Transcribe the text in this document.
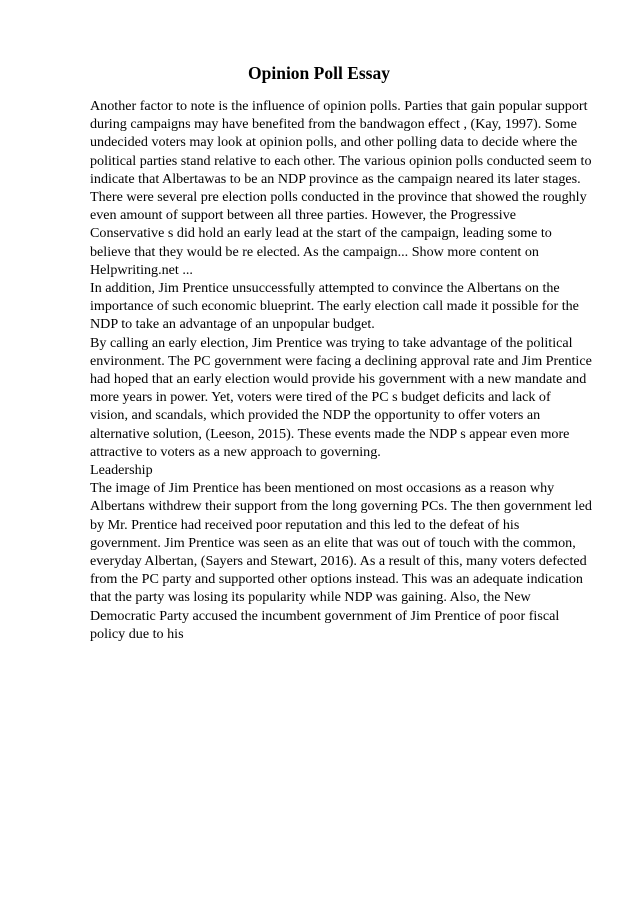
Opinion Poll Essay

Another factor to note is the influence of opinion polls. Parties that gain popular support during campaigns may have benefited from the bandwagon effect , (Kay, 1997). Some undecided voters may look at opinion polls, and other polling data to decide where the political parties stand relative to each other. The various opinion polls conducted seem to indicate that Albertawas to be an NDP province as the campaign neared its later stages. There were several pre election polls conducted in the province that showed the roughly even amount of support between all three parties. However, the Progressive Conservative s did hold an early lead at the start of the campaign, leading some to believe that they would be re elected. As the campaign... Show more content on Helpwriting.net ...

In addition, Jim Prentice unsuccessfully attempted to convince the Albertans on the importance of such economic blueprint. The early election call made it possible for the NDP to take an advantage of an unpopular budget.

By calling an early election, Jim Prentice was trying to take advantage of the political environment. The PC government were facing a declining approval rate and Jim Prentice had hoped that an early election would provide his government with a new mandate and more years in power. Yet, voters were tired of the PC s budget deficits and lack of vision, and scandals, which provided the NDP the opportunity to offer voters an alternative solution, (Leeson, 2015). These events made the NDP s appear even more attractive to voters as a new approach to governing.

Leadership

The image of Jim Prentice has been mentioned on most occasions as a reason why Albertans withdrew their support from the long governing PCs. The then government led by Mr. Prentice had received poor reputation and this led to the defeat of his government. Jim Prentice was seen as an elite that was out of touch with the common, everyday Albertan, (Sayers and Stewart, 2016). As a result of this, many voters defected from the PC party and supported other options instead. This was an adequate indication that the party was losing its popularity while NDP was gaining. Also, the New Democratic Party accused the incumbent government of Jim Prentice of poor fiscal policy due to his
